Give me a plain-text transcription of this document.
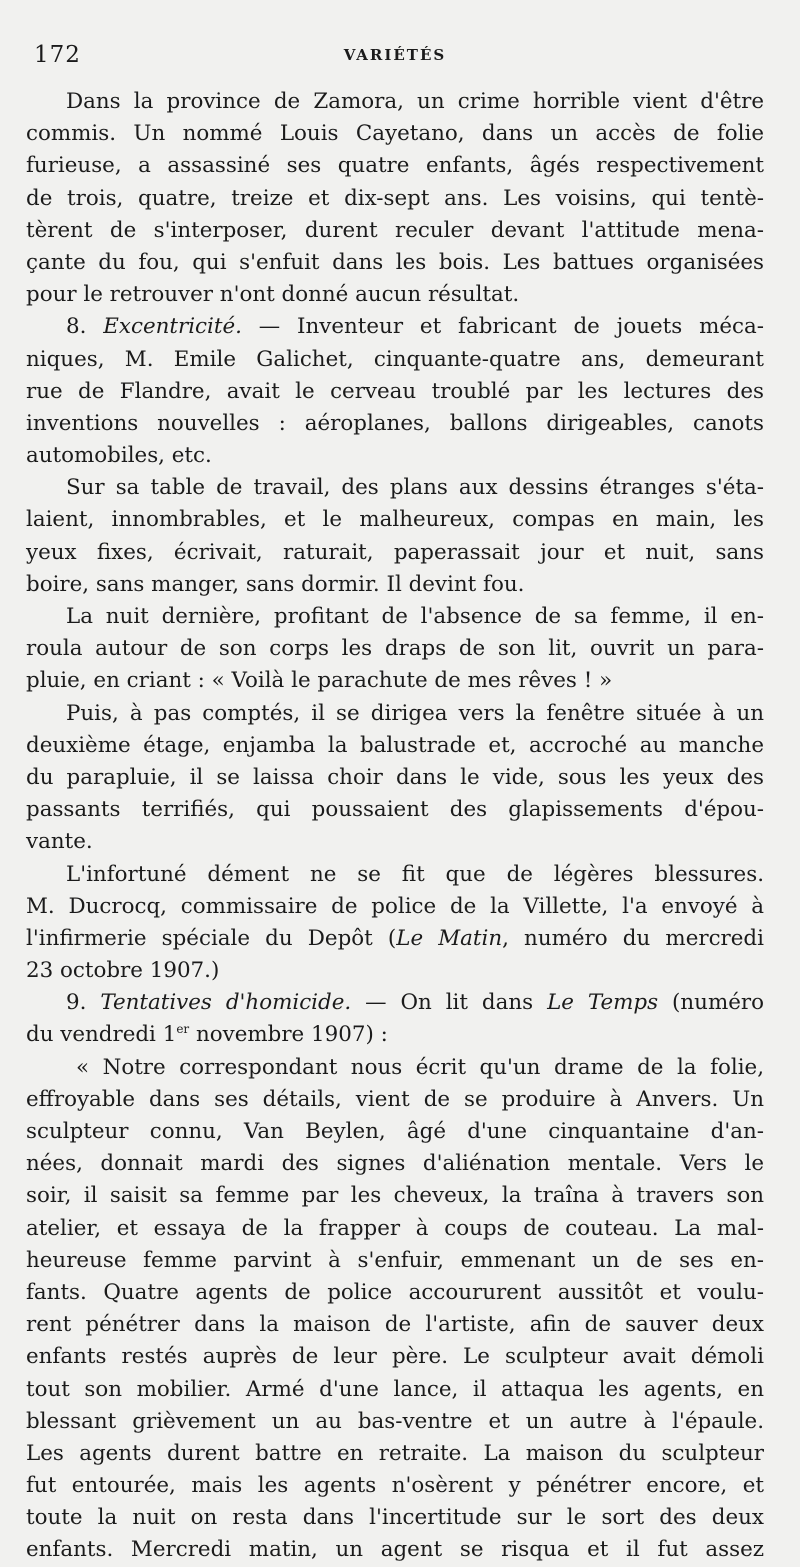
172	VARIÉTÉS
Dans la province de Zamora, un crime horrible vient d'être
commis. Un nommé Louis Cayetano, dans un accès de folie
furieuse, a assassiné ses quatre enfants, âgés respectivement
de trois, quatre, treize et dix-sept ans. Les voisins, qui tentè-
tèrent de s'interposer, durent reculer devant l'attitude mena-
çante du fou, qui s'enfuit dans les bois. Les battues organisées
pour le retrouver n'ont donné aucun résultat.
8. Excentricité. — Inventeur et fabricant de jouets méca-
niques, M. Emile Galichet, cinquante-quatre ans, demeurant
rue de Flandre, avait le cerveau troublé par les lectures des
inventions nouvelles : aéroplanes, ballons dirigeables, canots
automobiles, etc.
Sur sa table de travail, des plans aux dessins étranges s'éta-
laient, innombrables, et le malheureux, compas en main, les
yeux fixes, écrivait, raturait, paperassait jour et nuit, sans
boire, sans manger, sans dormir. Il devint fou.
La nuit dernière, profitant de l'absence de sa femme, il en-
roula autour de son corps les draps de son lit, ouvrit un para-
pluie, en criant : « Voilà le parachute de mes rêves ! »
Puis, à pas comptés, il se dirigea vers la fenêtre située à un
deuxième étage, enjamba la balustrade et, accroché au manche
du parapluie, il se laissa choir dans le vide, sous les yeux des
passants terrifiés, qui poussaient des glapissements d'épou-
vante.
L'infortuné dément ne se fit que de légères blessures.
M. Ducrocq, commissaire de police de la Villette, l'a envoyé à
l'infirmerie spéciale du Depôt (Le Matin, numéro du mercredi
23 octobre 1907.)
9. Tentatives d'homicide. — On lit dans Le Temps (numéro
du vendredi 1er novembre 1907) :
« Notre correspondant nous écrit qu'un drame de la folie,
effroyable dans ses détails, vient de se produire à Anvers. Un
sculpteur connu, Van Beylen, âgé d'une cinquantaine d'an-
nées, donnait mardi des signes d'aliénation mentale. Vers le
soir, il saisit sa femme par les cheveux, la traîna à travers son
atelier, et essaya de la frapper à coups de couteau. La mal-
heureuse femme parvint à s'enfuir, emmenant un de ses en-
fants. Quatre agents de police accoururent aussitôt et voulu-
rent pénétrer dans la maison de l'artiste, afin de sauver deux
enfants restés auprès de leur père. Le sculpteur avait démoli
tout son mobilier. Armé d'une lance, il attaqua les agents, en
blessant grièvement un au bas-ventre et un autre à l'épaule.
Les agents durent battre en retraite. La maison du sculpteur
fut entourée, mais les agents n'osèrent y pénétrer encore, et
toute la nuit on resta dans l'incertitude sur le sort des deux
enfants. Mercredi matin, un agent se risqua et il fut assez
